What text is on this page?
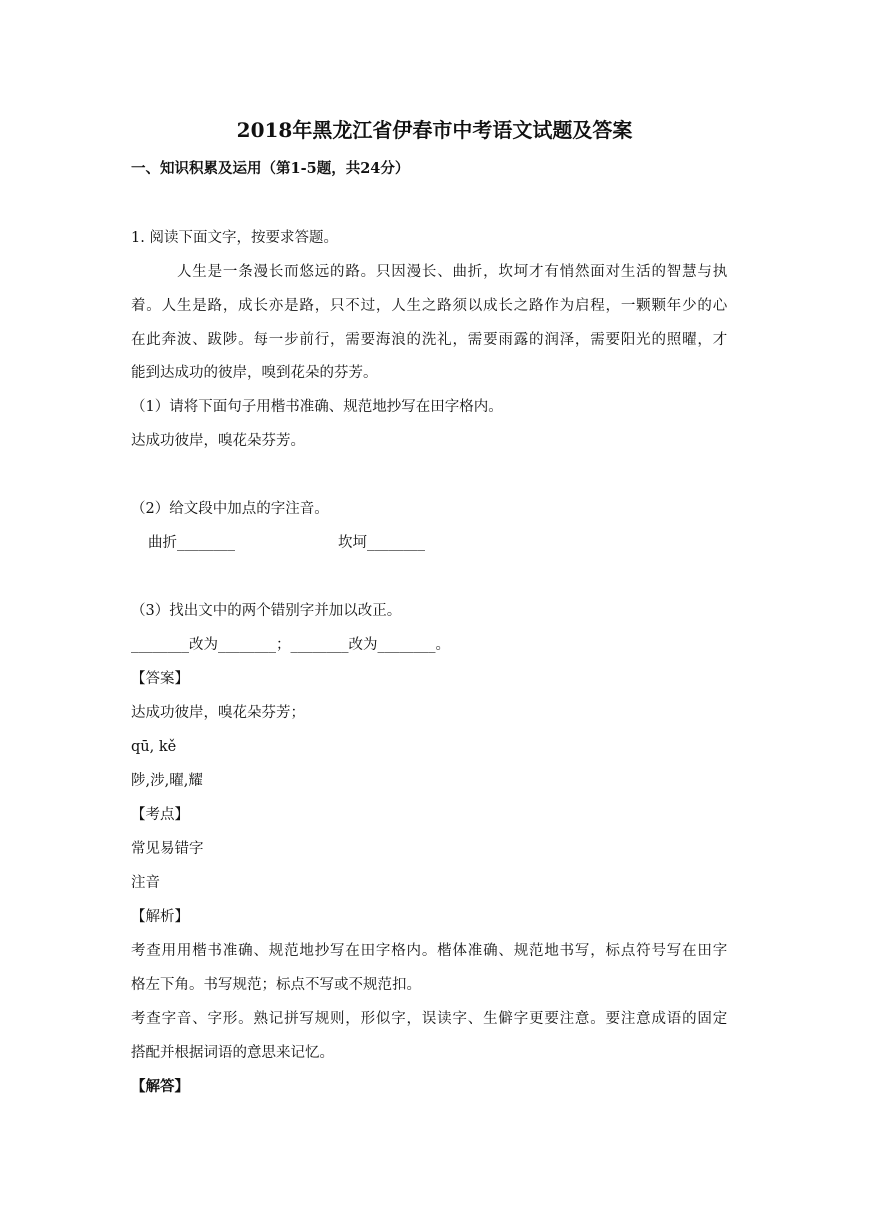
2018年黑龙江省伊春市中考语文试题及答案
一、知识积累及运用（第1-5题，共24分）
1. 阅读下面文字，按要求答题。
人生是一条漫长而悠远的路。只因漫长、曲折，坎坷才有悄然面对生活的智慧与执
着。人生是路，成长亦是路，只不过，人生之路须以成长之路作为启程，一颗颗年少的心
在此奔波、跋陟。每一步前行，需要海浪的洗礼，需要雨露的润泽，需要阳光的照曜，才
能到达成功的彼岸，嗅到花朵的芬芳。
（1）请将下面句子用楷书准确、规范地抄写在田字格内。
达成功彼岸，嗅花朵芬芳。
（2）给文段中加点的字注音。
曲折________	坎坷________
（3）找出文中的两个错别字并加以改正。
________改为________；________改为________。
【答案】
达成功彼岸，嗅花朵芬芳；
qū, kě
陟,涉,曜,耀
【考点】
常见易错字
注音
【解析】
考查用用楷书准确、规范地抄写在田字格内。楷体准确、规范地书写，标点符号写在田字
格左下角。书写规范；标点不写或不规范扣。
考查字音、字形。熟记拼写规则，形似字，误读字、生僻字更要注意。要注意成语的固定
搭配并根据词语的意思来记忆。
【解答】
